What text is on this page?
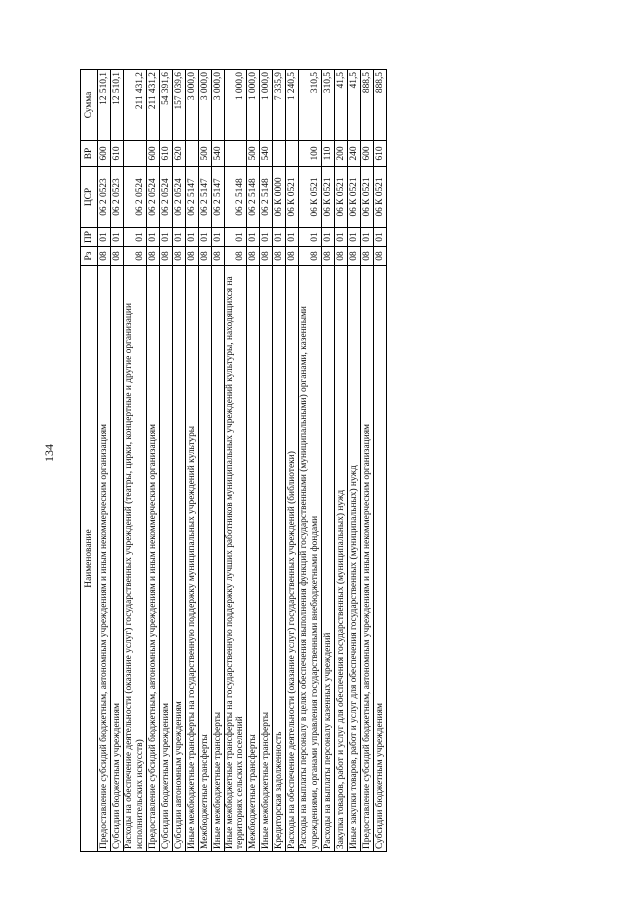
134
Наименование	Рз	ПР	ЦСР	ВР	Сумма
Предоставление субсидий бюджетным, автономным учреждениям и иным некоммерческим организациям	08	01	06 2 0523	600	12 510,1
Субсидии бюджетным учреждениям	08	01	06 2 0523	610	12 510,1
Расходы на обеспечение деятельности (оказание услуг) государственных учреждений (театры, цирки, концертные и другие организации исполнительских искусств)	08	01	06 2 0524		211 431,2
Предоставление субсидий бюджетным, автономным учреждениям и иным некоммерческим организациям	08	01	06 2 0524	600	211 431,2
Субсидии бюджетным учреждениям	08	01	06 2 0524	610	54 391,6
Субсидии автономным учреждениям	08	01	06 2 0524	620	157 039,6
Иные межбюджетные трансферты на государственную поддержку муниципальных учреждений культуры	08	01	06 2 5147		3 000,0
Межбюджетные трансферты	08	01	06 2 5147	500	3 000,0
Иные межбюджетные трансферты	08	01	06 2 5147	540	3 000,0
Иные межбюджетные трансферты на государственную поддержку лучших работников муниципальных учреждений культуры, находящихся на территориях сельских поселений	08	01	06 2 5148		1 000,0
Межбюджетные трансферты	08	01	06 2 5148	500	1 000,0
Иные межбюджетные трансферты	08	01	06 2 5148	540	1 000,0
Кредиторская задолженность	08	01	06 К 0000		7 335,9
Расходы на обеспечение деятельности (оказание услуг) государственных учреждений (библиотеки)	08	01	06 К 0521		1 240,5
Расходы на выплаты персоналу в целях обеспечения выполнения функций государственными (муниципальными) органами, казенными учреждениями, органами управления государственными внебюджетными фондами	08	01	06 К 0521	100	310,5
Расходы на выплаты персоналу казенных учреждений	08	01	06 К 0521	110	310,5
Закупка товаров, работ и услуг для обеспечения государственных (муниципальных) нужд	08	01	06 К 0521	200	41,5
Иные закупки товаров, работ и услуг для обеспечения государственных (муниципальных) нужд	08	01	06 К 0521	240	41,5
Предоставление субсидий бюджетным, автономным учреждениям и иным некоммерческим организациям	08	01	06 К 0521	600	888,5
Субсидии бюджетным учреждениям	08	01	06 К 0521	610	888,5
